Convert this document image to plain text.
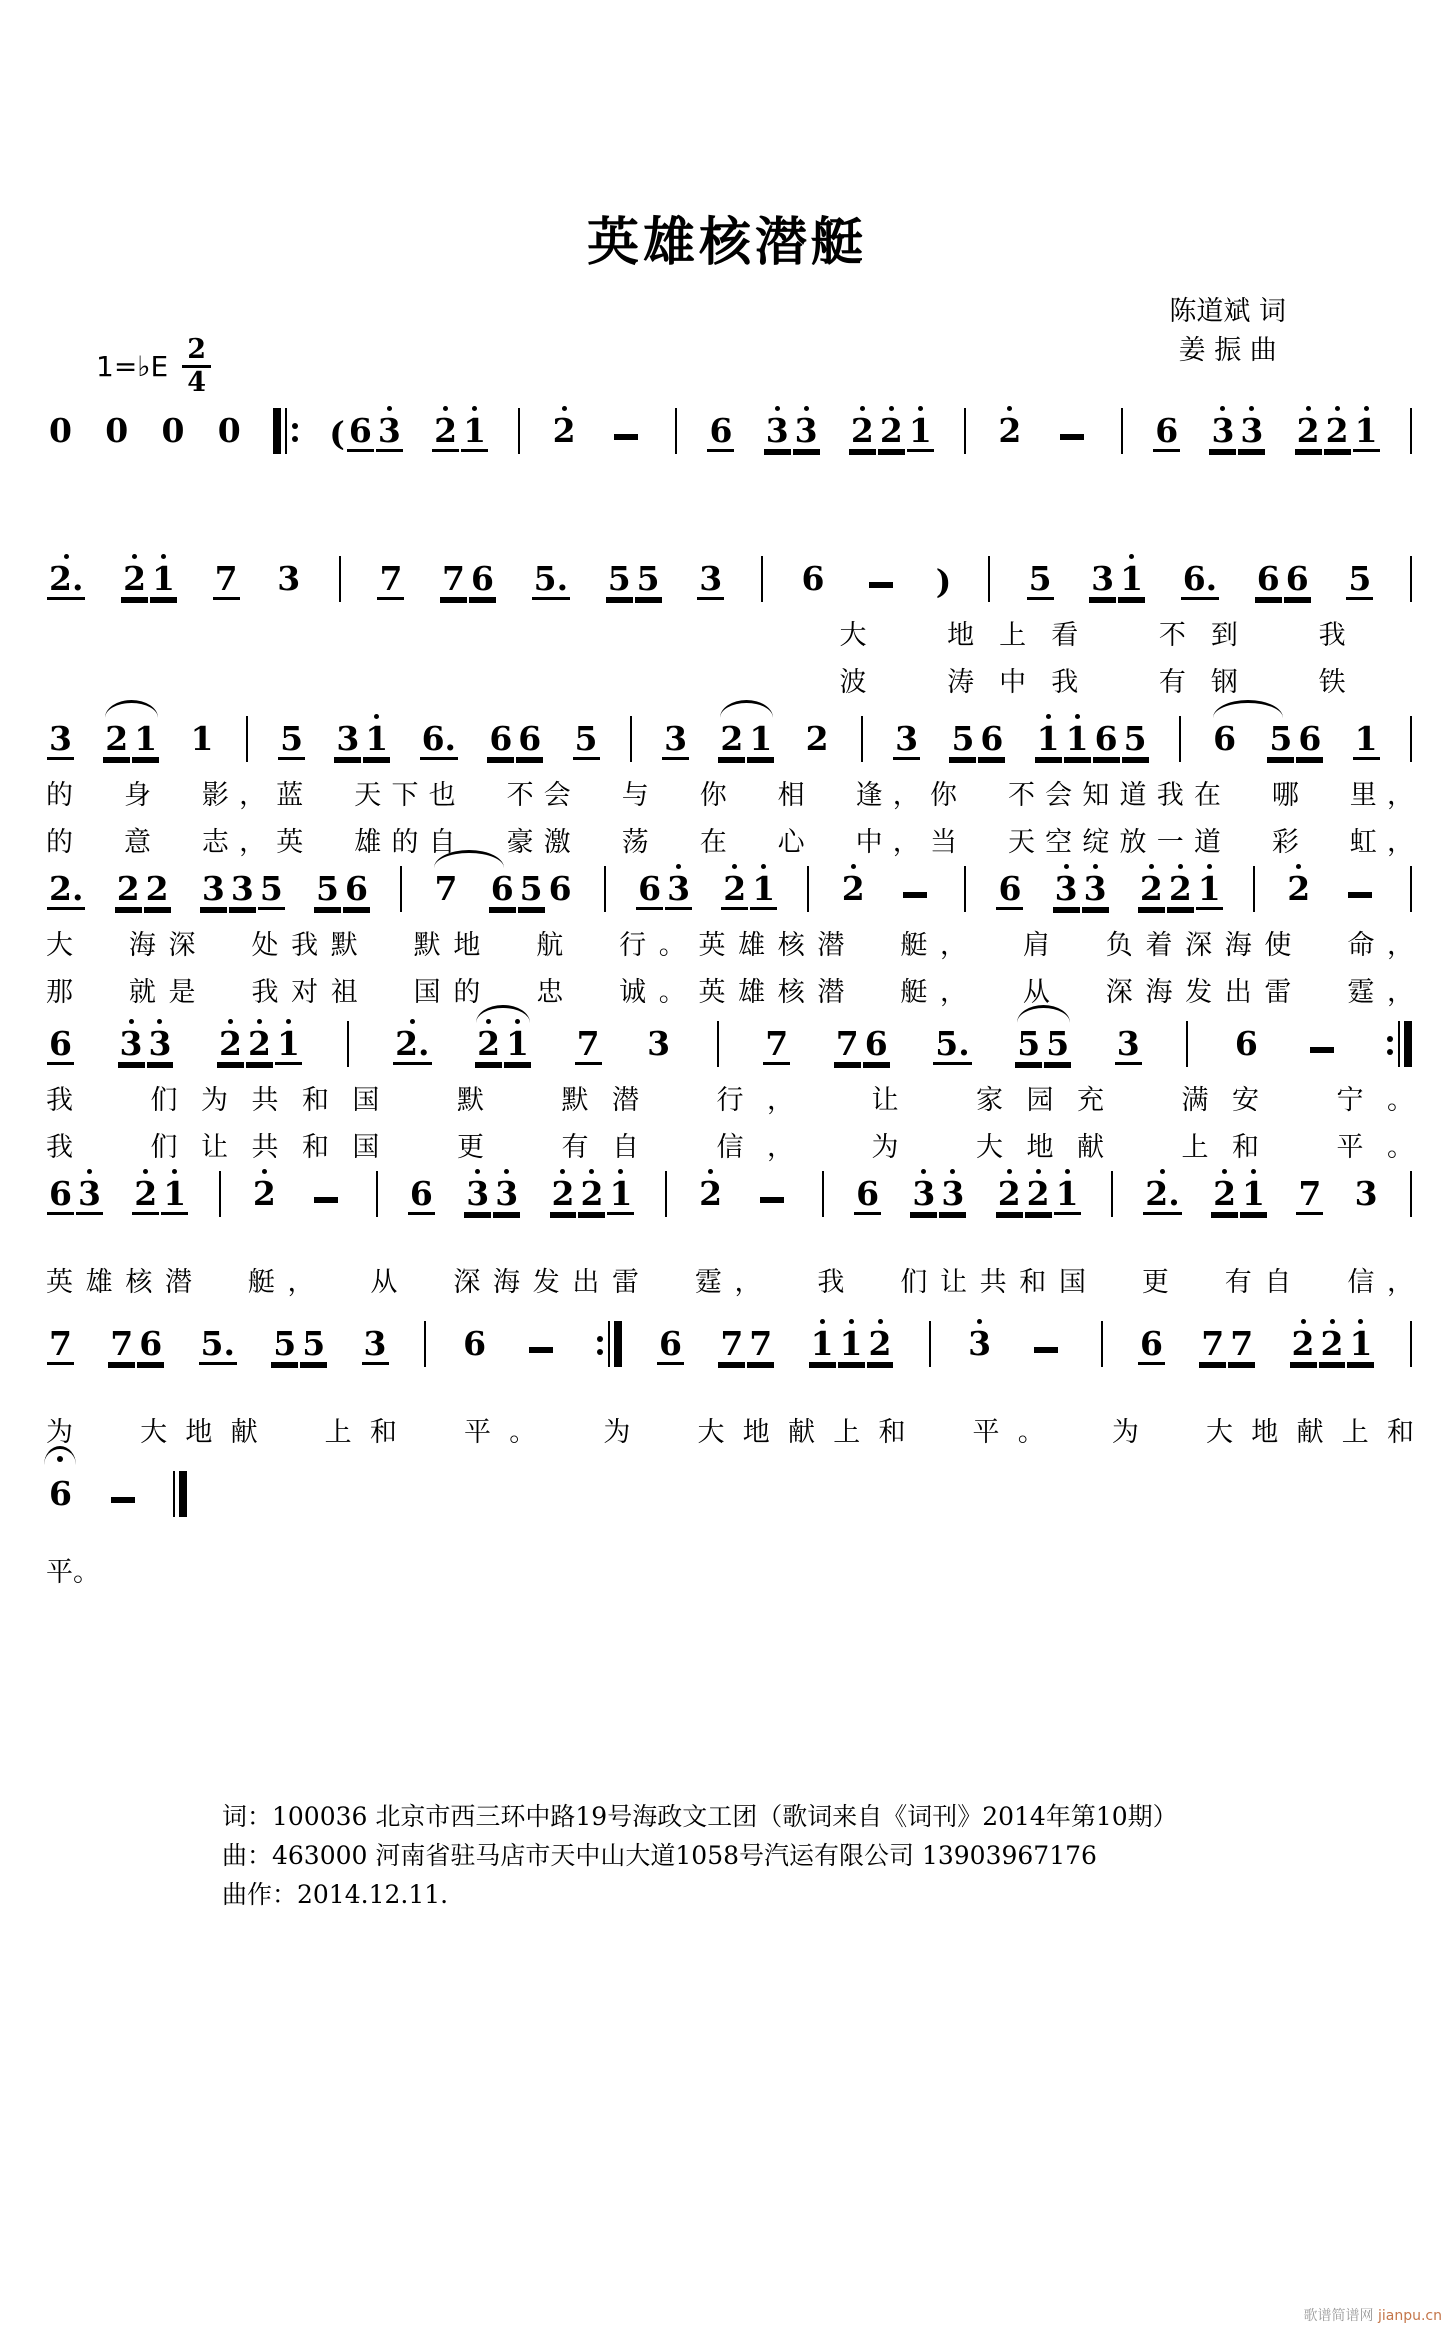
英雄核潜艇
陈道斌 词
姜 振 曲
1=♭E $\frac{2}{4}$
0 0 0 0	( 6 3 2 1 2	6 3 3 2 2 1 2	6 3 3 2 2 1
2. 2 1 7 3 7 7 6 5. 5 5 3 6	) 5 3 1 6. 6 6 5
大 地上看 不到 我
波 涛中我 有钢 铁
3 2 1 1 5 3 1 6. 6 6 5 3 2 1 2 3 5 6 1 1 6 5 6 5 6 1
的 身 影，蓝 天下也 不会 与 你 相 逢，你 不会知道我在 哪 里，
的 意 志，英 雄的自 豪激 荡 在 心 中，当 天空绽放一道 彩 虹，
2. 2 2 3 3 5 5 6 7 6 5 6 6 3 2 1 2	6 3 3 2 2 1 2
大 海深 处我默 默地 航 行。英雄核潜 艇， 肩 负着深海使 命，
那 就是 我对祖 国的 忠 诚。英雄核潜 艇， 从 深海发出雷 霆，
6 3 3 2 2 1	2. 2 1 7 3	7 7 6 5. 5 5 3	6
我 们为共和国 默 默潜 行， 让 家园充 满安 宁。
我 们让共和国 更 有自 信， 为 大地献 上和 平。
6 3 2 1 2	6 3 3 2 2 1 2	6 3 3 2 2 1 2. 2 1 7 3
英雄核潜 艇， 从 深海发出雷 霆， 我 们让共和国 更 有自 信，
7 7 6 5. 5 5 3 6	6 7 7 1 1 2 3	6 7 7 2 2 1
为 大地献 上和 平。 为 大地献上和 平。 为 大地献上和
6
平。
词：100036 北京市西三环中路19号海政文工团（歌词来自《词刊》2014年第10期）
曲：463000 河南省驻马店市天中山大道1058号汽运有限公司 13903967176
曲作：2014.12.11.
歌谱简谱网 jianpu.cn
